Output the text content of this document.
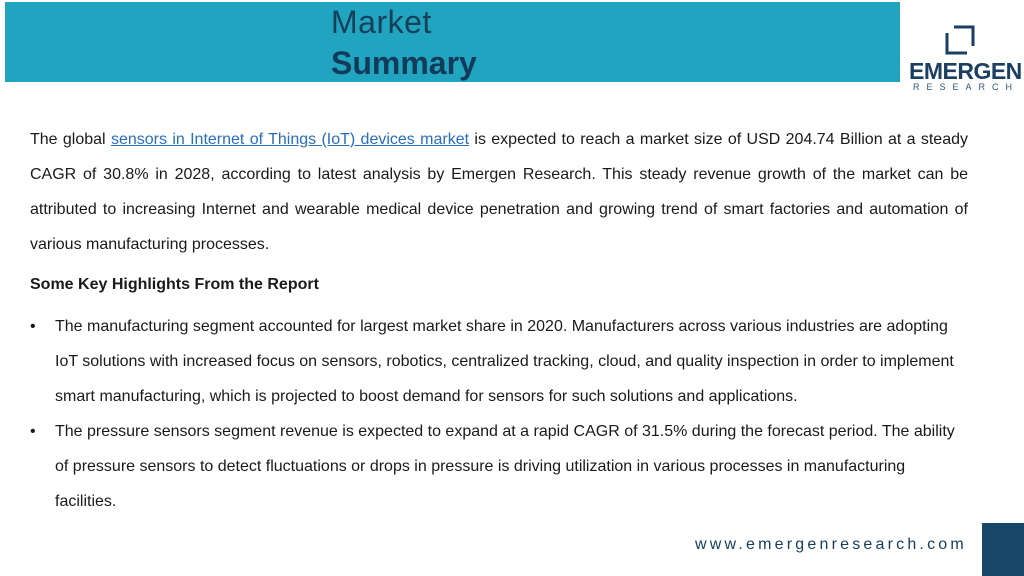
Market
Summary	EMERGEN
RESEARCH

The global sensors in Internet of Things (IoT) devices market is expected to reach a market size of USD 204.74 Billion at a steady CAGR of 30.8% in 2028, according to latest analysis by Emergen Research. This steady revenue growth of the market can be attributed to increasing Internet and wearable medical device penetration and growing trend of smart factories and automation of various manufacturing processes.

Some Key Highlights From the Report

• The manufacturing segment accounted for largest market share in 2020. Manufacturers across various industries are adopting IoT solutions with increased focus on sensors, robotics, centralized tracking, cloud, and quality inspection in order to implement smart manufacturing, which is projected to boost demand for sensors for such solutions and applications.
• The pressure sensors segment revenue is expected to expand at a rapid CAGR of 31.5% during the forecast period. The ability of pressure sensors to detect fluctuations or drops in pressure is driving utilization in various processes in manufacturing facilities.
www.emergenresearch.com
